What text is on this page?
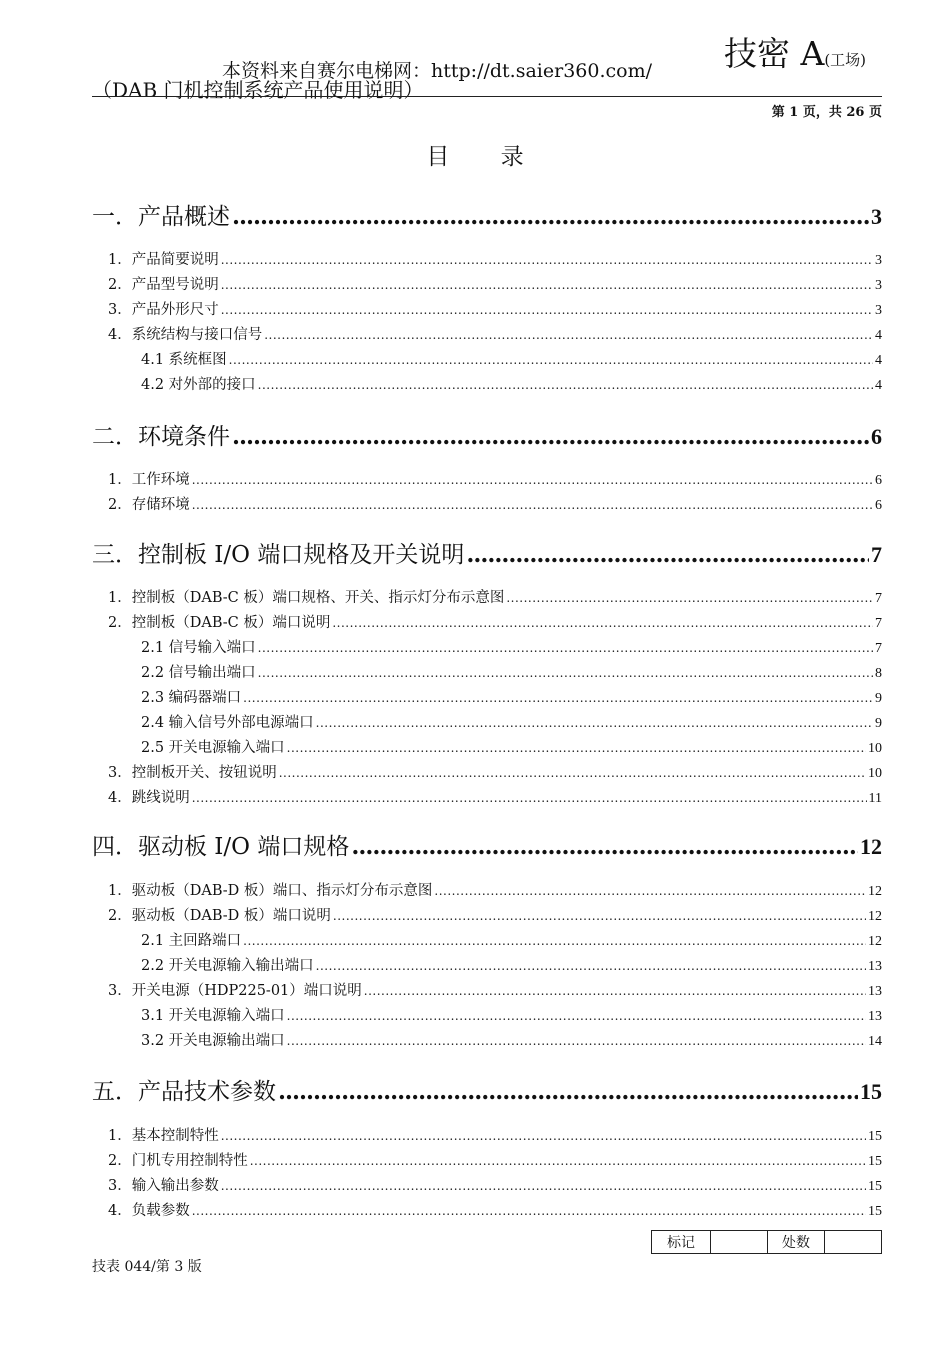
本资料来自赛尔电梯网：http://dt.saier360.com/ 技密 A(工场)
（DAB 门机控制系统产品使用说明）
第 1 页，共 26 页
目 录
一．产品概述 .....	3
1．产品简要说明 .....	3
2．产品型号说明 .....	3
3．产品外形尺寸 .....	3
4．系统结构与接口信号 .....	4
4.1 系统框图 .....	4
4.2 对外部的接口 .....	4
二．环境条件 .....	6
1．工作环境 .....	6
2．存储环境 .....	6
三．控制板 I/O 端口规格及开关说明 .....	7
1．控制板（DAB-C 板）端口规格、开关、指示灯分布示意图 .....	7
2．控制板（DAB-C 板）端口说明 .....	7
2.1 信号输入端口 .....	7
2.2 信号输出端口 .....	8
2.3 编码器端口 .....	9
2.4 输入信号外部电源端口 .....	9
2.5 开关电源输入端口 .....	10
3．控制板开关、按钮说明 .....	10
4．跳线说明 .....	11
四．驱动板 I/O 端口规格 .....	12
1．驱动板（DAB-D 板）端口、指示灯分布示意图 .....	12
2．驱动板（DAB-D 板）端口说明 .....	12
2.1 主回路端口 .....	12
2.2 开关电源输入输出端口 .....	13
3．开关电源（HDP225-01）端口说明 .....	13
3.1 开关电源输入端口 .....	13
3.2 开关电源输出端口 .....	14
五．产品技术参数 .....	15
1．基本控制特性 .....	15
2．门机专用控制特性 .....	15
3．输入输出参数 .....	15
4．负载参数 .....	15
标记		处数	
技表 044/第 3 版
